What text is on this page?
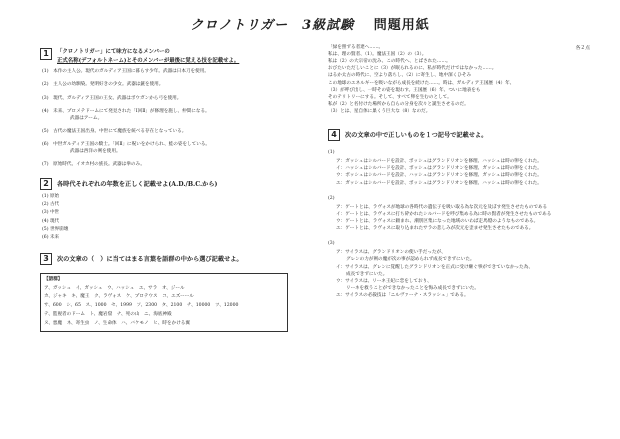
クロノトリガー　3級試験 問題用紙
各２点
1	「クロノトリガー」にて味方になるメンバーの
正式名称(デフォルトネーム)とそのメンバーが最後に覚える技を記載せよ。
(1)　本作の主人公。現代のガルディア王国に暮らす少年。武器は日本刀を使用。
(2)　主人公の幼馴染。発明好きの少女。武器は銃を使用。
(3)　現代、ガルディア王国の王女。武器はボウガンから弓を使用。
(4)　未来、プロメテドームにて発見された「I回Ⅱ」が修理を施し、仲間になる。
武器はアーム。
(5)　古代の魔法王国出身。中世にて魔族を統べる存在となっている。
(6)　中世ガルディア王国の騎士。「回Ⅱ」に呪いをかけられ、蛙の姿をしている。
武器は西洋の剣を使用。
(7)　原始時代、イオカ村の族長。武器は拳のみ。
2	各時代それぞれの年数を正しく記載せよ(A.D./B.C.から)
(1) 原始
(2) 古代
(3) 中世
(4) 現代
(5) 世界崩壊
(6) 未来
3	次の文章の（　）に当てはまる言葉を語群の中から選び記載せよ。
【語群】
ア、ガッシュ　イ、ガッシュ　ウ、ハッシュ　エ、サラ　オ、ジール
カ、ジャキ　キ、魔王　ク、ラヴォス　ケ、プロテウス　コ、エズーール
サ、600　シ、65　ス、1000　セ、1999　ソ、2300　タ、2100　チ、10000　ツ、12000
テ、監視者のドーム　ト、魔岩窟　ナ、死の山　ニ、海底神殿
ヌ、悪魔　ネ、寄生虫　ノ、生命体　ハ、バケモノ　ヒ、時をかける翼
「緑を照ずる者達へ……。
私は、理の賢者、（1）。魔法王国（2）の（3）。
私は（2）の大宗帝の沈み、この時代へ、とばされた……。
おびたいただしいことに（3）が眠られるのに、私が時代だけではなかった……。
はるか太古の時代に、空より落ちし、（2）に寄生し、地中深くひそみ
この地球のエネルギーを吸いながら成長を続けた……。時は、ガルディア王国歴（4）年、
（3）が呼び出し、一時その姿を現わす。王国歴（6）年、ついに地表をも
そのテリトリーにする。そして、すべて卵を生むのとして。
私が（2）と名付けた場所から自らの分身を次々と誕生させるのだ。
（3）とは、星自体に巣くう巨大な（8）なのだ。
4	次の文章の中で正しいものを１つ記号で記載せよ。
(1)
ア：ガッシュはシルバードを設計、ボッシュはグランドリオンを修理、ハッシュは時の卵をくれた。
イ：ハッシュはシルバードを設計、ボッシュはグランドリオンを修理、ガッシュは時の卵をくれた。
ウ：ボッシュはシルバードを設計、ハッシュはグランドリオンを修理、ガッシュは時の卵をくれた。
エ：ガッシュはシルバードを設計、ボッシュはグランドリオンを修理、ハッシュは時の卵をくれた。
(2)
ア：ゲートとは、ラヴォスが地球の各時代の遺伝子を吸い取る為な次元を及ぼす発生させたものである
イ：ゲートとは、ラヴォスに打ち砕かれたシルバードを呼び集める為に時の賢者が発生させたものである
ウ：ゲートとは、ラヴォスに頼まれ、潮別区集になった地域のいわば走馬燈のようなものである。
エ：ゲートとは、ラヴォスに取り込まれたサラの悲しみが次元を歪ませ発生させたものである。
(3)
ア：サイラスは、グランドリオンの使い手だったが、
グレンの力が剣の魔が次の事が認められず成長できずにいた。
イ：サイラスは、グレンに覚醒したグランドリオンを正式に受け継ぐ事ができていなかった為、
成長できずにいた。
ウ：サイラスは、リーネ王妃に恋をしており、
リーネを救うことができなかったことを悔み成長できずにいた。
エ：サイラスの必殺技は「ニルヴァーナ・スラッシュ」である。
